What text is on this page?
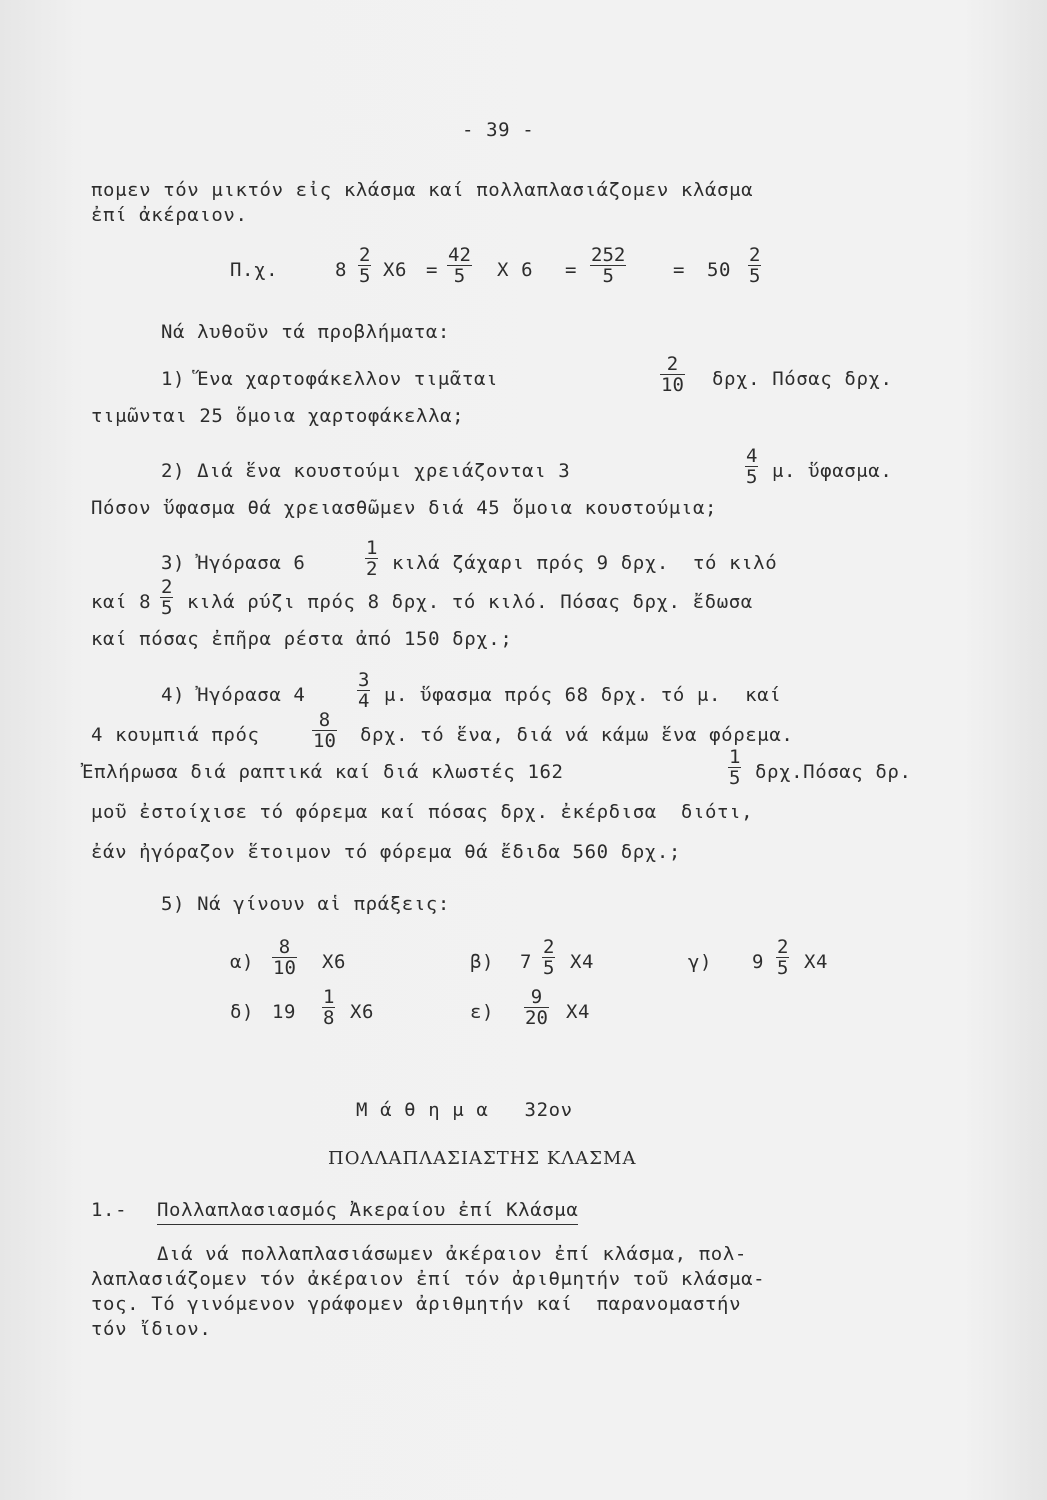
- 39 -
πομεν τόν μικτόν εἰς κλάσμα καί πολλαπλασιάζομεν κλάσμα
ἐπί ἀκέραιον.
Π.χ.	$8 \frac{2}{5} X6 = \frac{42}{5}$ Χ $6 = \frac{252}{5} = 50 \frac{2}{5}$
Νά λυθοῦν τά προβλήματα:
1) Ἕνα χαρτοφάκελλον τιμᾶται	$\frac{2}{10} \delta\rho\chi$. Πόσας δρχ.
τιμῶνται 25 ὅμοια χαρτοφάκελλα;
2) Διά ἕνα κουστούμι χρειάζονται 3	$\frac{4}{5} \mu$. ὕφασμα.
Πόσον ὕφασμα θά χρειασθῶμεν διά 45 ὅμοια κουστούμια;
3) Ἠγόρασα 6	$\frac{1}{2}$ κιλά ζάχαρι πρός 9 δρχ.  τό κιλό
καί $8 \frac{2}{5}$ κιλά ρύζι πρός 8 δρχ. τό κιλό. Πόσας δρχ. ἔδωσα
καί πόσας ἐπῆρα ρέστα ἀπό 150 δρχ.;
4) Ἠγόρασα 4	$\frac{3}{4} \mu$. ὕφασμα πρός 68 δρχ. τό μ.  καί
4 κουμπιά πρός	$\frac{8}{10} \delta\rho\chi$. τό ἕνα, διά νά κάμω ἕνα φόρεμα.
Ἐπλήρωσα διά ραπτικά καί διά κλωστές 162	$\frac{1}{5} \delta\rho\chi.\Pi ό\sigma\alpha\varsigma$ δρ.
μοῦ ἐστοίχισε τό φόρεμα καί πόσας δρχ. ἐκέρδισα  διότι,
ἐάν ἠγόραζον ἕτοιμον τό φόρεμα θά ἔδιδα 560 δρχ.;
5) Νά γίνουν αἱ πράξεις:
$\alpha) \frac{8}{10} X6$	β) $7 \frac{2}{5} X4$	γ) $9 \frac{2}{5} X4$
δ) $19 \frac{1}{8} X6$	$\varepsilon) \frac{9}{20} X4$
Μ ά θ η μ α   32ον
ΠΟΛΛΑΠΛΑΣΙΑΣΤΗΣ ΚΛΑΣΜΑ
1.- Πολλαπλασιασμός Ἀκεραίου ἐπί Κλάσμα
Διά νά πολλαπλασιάσωμεν ἀκέραιον ἐπί κλάσμα, πολ-
λαπλασιάζομεν τόν ἀκέραιον ἐπί τόν ἀριθμητήν τοῦ κλάσμα-
τος. Τό γινόμενον γράφομεν ἀριθμητήν καί  παρανομαστήν
τόν ἴδιον.
